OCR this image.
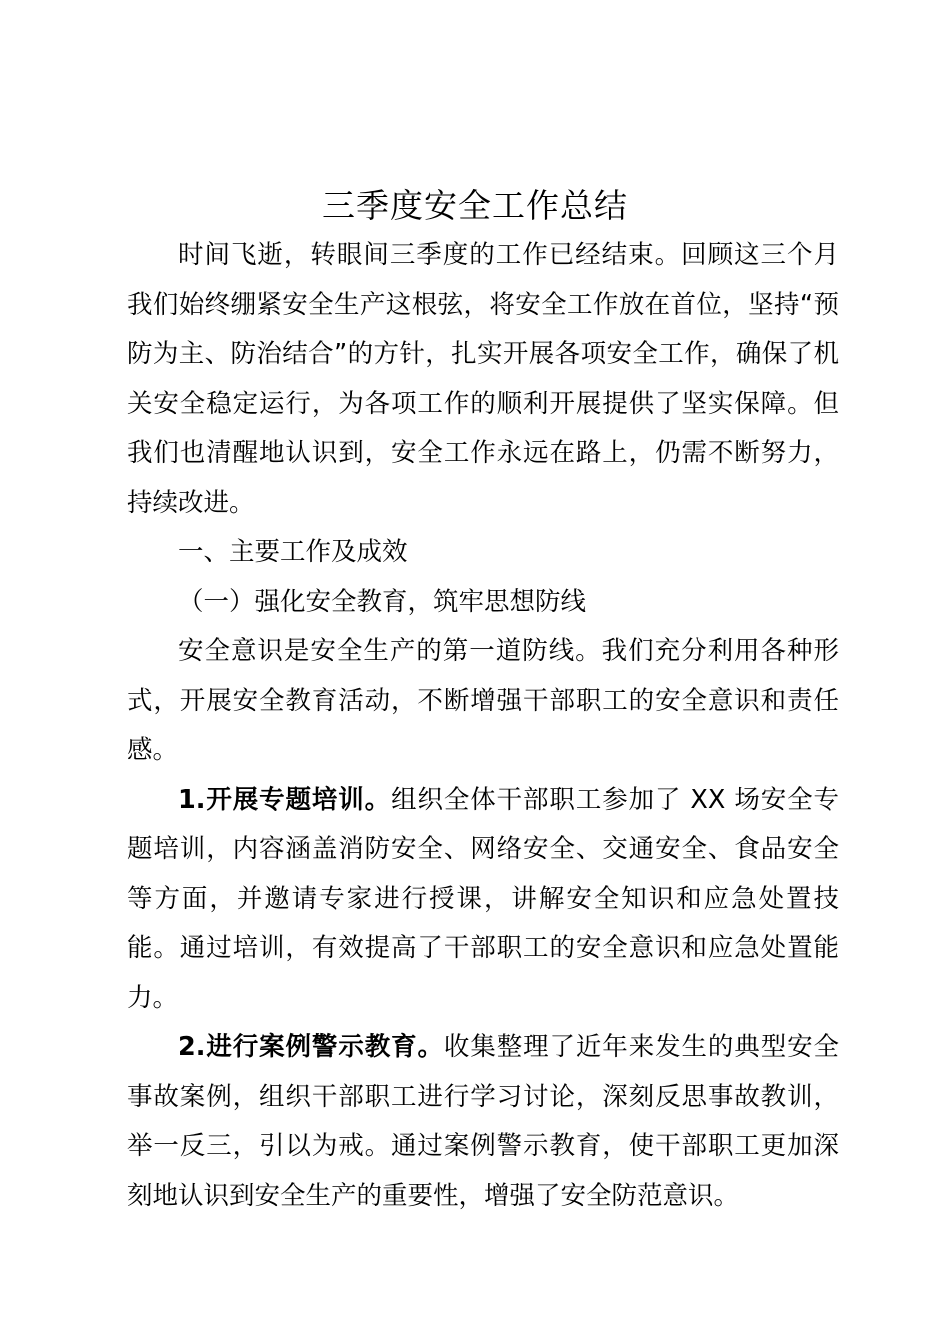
三季度安全工作总结

时间飞逝，转眼间三季度的工作已经结束。回顾这三个月我们始终绷紧安全生产这根弦，将安全工作放在首位，坚持“预防为主、防治结合”的方针，扎实开展各项安全工作，确保了机关安全稳定运行，为各项工作的顺利开展提供了坚实保障。但我们也清醒地认识到，安全工作永远在路上，仍需不断努力，持续改进。

一、主要工作及成效

（一）强化安全教育，筑牢思想防线

安全意识是安全生产的第一道防线。我们充分利用各种形式，开展安全教育活动，不断增强干部职工的安全意识和责任感。

1.开展专题培训。组织全体干部职工参加了 XX 场安全专题培训，内容涵盖消防安全、网络安全、交通安全、食品安全等方面，并邀请专家进行授课，讲解安全知识和应急处置技能。通过培训，有效提高了干部职工的安全意识和应急处置能力。

2.进行案例警示教育。收集整理了近年来发生的典型安全事故案例，组织干部职工进行学习讨论，深刻反思事故教训，举一反三，引以为戒。通过案例警示教育，使干部职工更加深刻地认识到安全生产的重要性，增强了安全防范意识。
